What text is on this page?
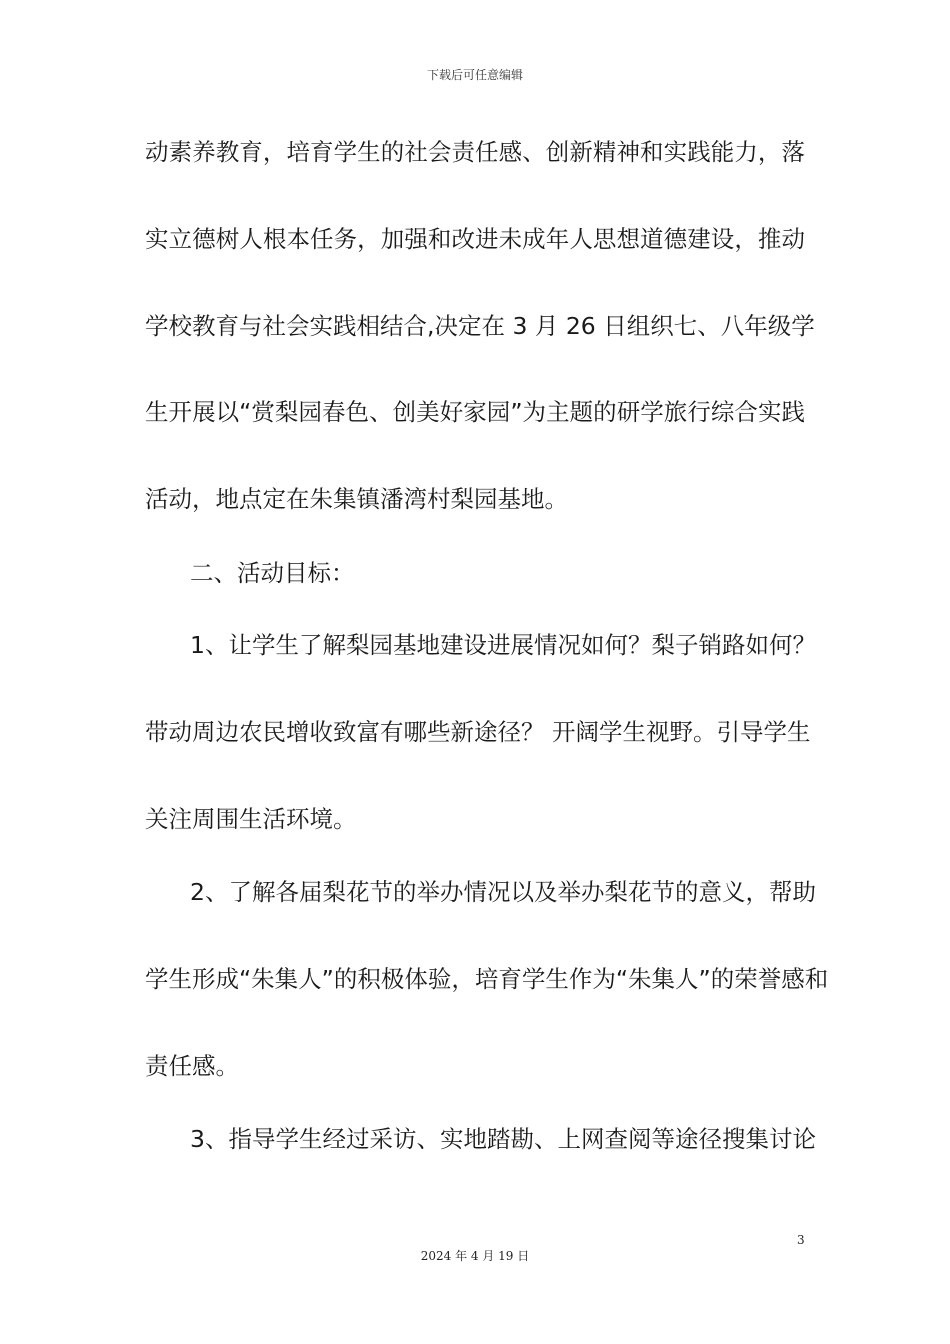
下载后可任意编辑
动素养教育，培育学生的社会责任感、创新精神和实践能力，落
实立德树人根本任务，加强和改进未成年人思想道德建设，推动
学校教育与社会实践相结合,决定在 3 月 26 日组织七、八年级学
生开展以“赏梨园春色、创美好家园”为主题的研学旅行综合实践
活动，地点定在朱集镇潘湾村梨园基地。
二、活动目标：
1、让学生了解梨园基地建设进展情况如何？梨子销路如何？
带动周边农民增收致富有哪些新途径？ 开阔学生视野。引导学生
关注周围生活环境。
2、了解各届梨花节的举办情况以及举办梨花节的意义，帮助
学生形成“朱集人”的积极体验，培育学生作为“朱集人”的荣誉感和
责任感。
3、指导学生经过采访、实地踏勘、上网查阅等途径搜集讨论
3
2024 年 4 月 19 日
